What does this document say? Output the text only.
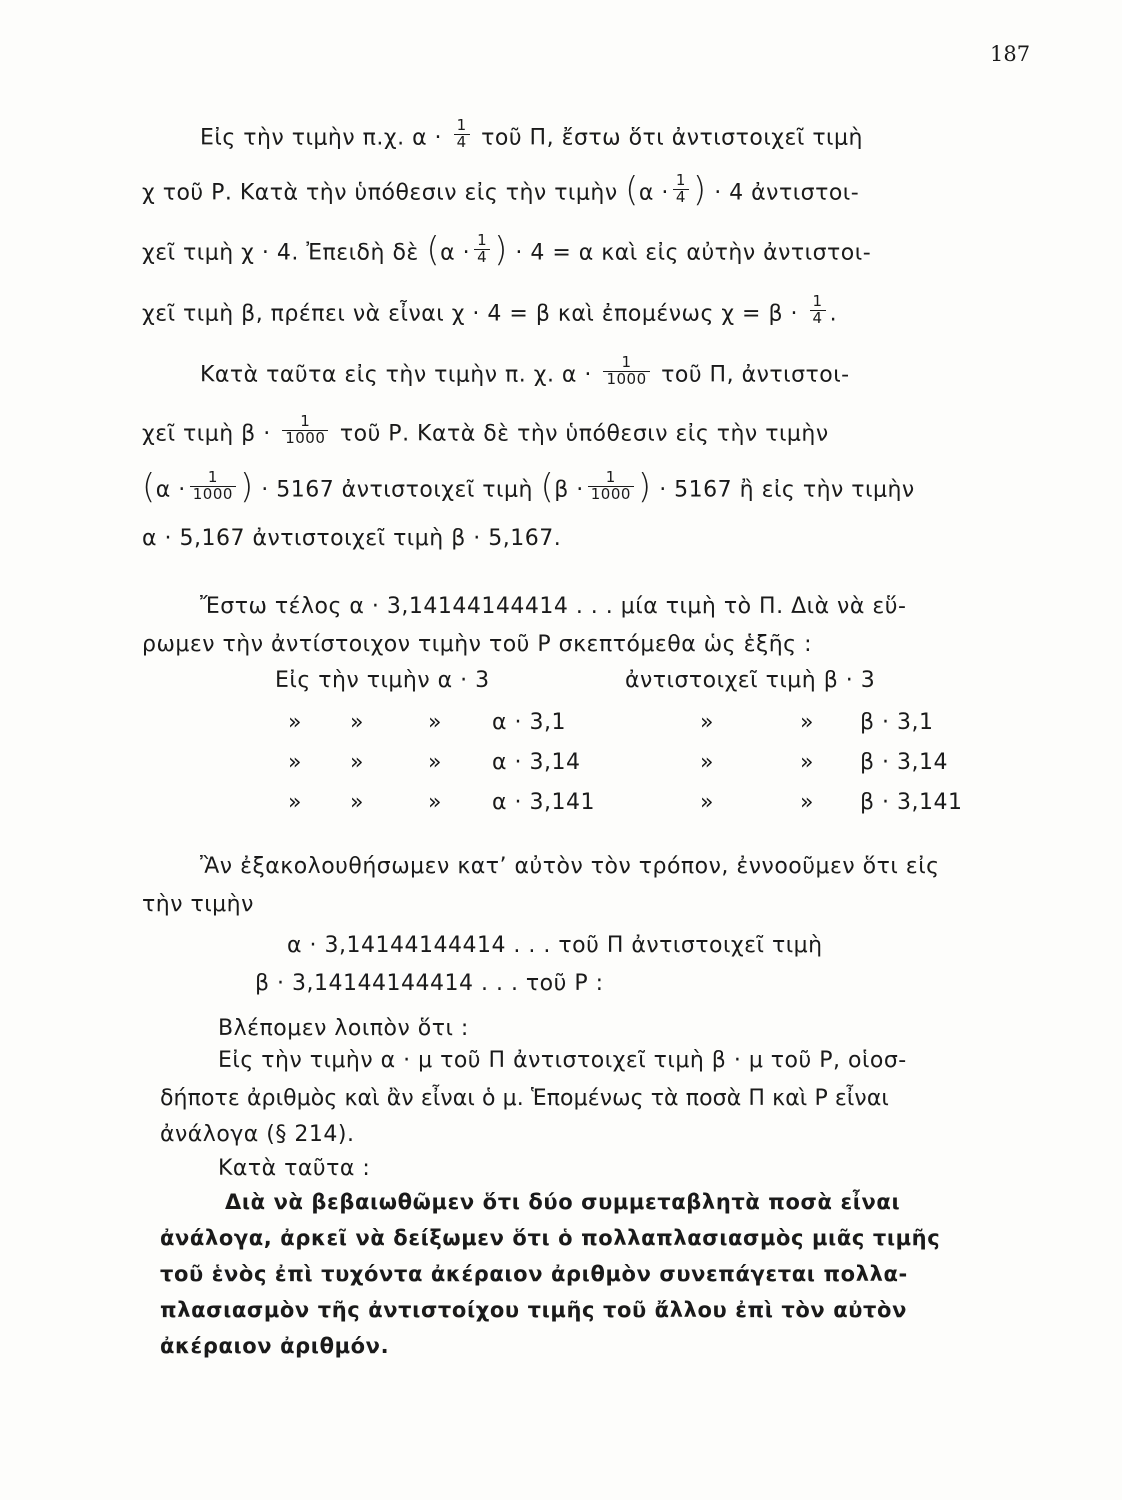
187
Εἰς τὴν τιμὴν π.χ. $\alpha \cdot \frac{1}{4}$ τοῦ Π, ἔστω ὅτι ἀντιστοιχεῖ τιμὴ
χ τοῦ Ρ. Κατὰ τὴν ὑπόθεσιν εἰς τὴν τιμὴν ($\alpha \cdot \frac{1}{4}$ ) · 4 ἀντιστοι-
χεῖ τιμὴ χ · 4. Ἐπειδὴ δὲ ($\alpha \cdot \frac{1}{4}$ ) · 4 = α καὶ εἰς αὐτὴν ἀντιστοι-
χεῖ τιμὴ β, πρέπει νὰ εἶναι χ · 4 = β καὶ ἐπομένως $\chi = \beta \cdot \frac{1}{4}$ .
Κατὰ ταῦτα εἰς τὴν τιμὴν π. χ. $\alpha \cdot \frac{1}{1000}$ τοῦ Π, ἀντιστοι-
χεῖ τιμὴ $\beta \cdot \frac{1}{1000}$ τοῦ Ρ. Κατὰ δὲ τὴν ὑπόθεσιν εἰς τὴν τιμὴν
($\alpha \cdot \frac{1}{1000}$ ) · 5167 ἀντιστοιχεῖ τιμὴ ($\beta \cdot \frac{1}{1000}$ ) · 5167 ἢ εἰς τὴν τιμὴν
α · 5,167 ἀντιστοιχεῖ τιμὴ β · 5,167.
Ἔστω τέλος α · 3,14144144414 . . . μία τιμὴ τὸ Π. Διὰ νὰ εὕ-
ρωμεν τὴν ἀντίστοιχον τιμὴν τοῦ Ρ σκεπτόμεθα ὡς ἑξῆς :
Εἰς τὴν τιμὴν α · 3	ἀντιστοιχεῖ τιμὴ β · 3
» »	» α · 3,1	»	» β · 3,1
» »	» α · 3,14	»	» β · 3,14
» »	» α · 3,141	»	» β · 3,141
Ἂν ἐξακολουθήσωμεν κατ’ αὐτὸν τὸν τρόπον, ἐννοοῦμεν ὅτι εἰς
τὴν τιμὴν
α · 3,14144144414 . . . τοῦ Π ἀντιστοιχεῖ τιμὴ
β · 3,14144144414 . . . τοῦ Ρ :
Βλέπομεν λοιπὸν ὅτι :
Εἰς τὴν τιμὴν α · μ τοῦ Π ἀντιστοιχεῖ τιμὴ β · μ τοῦ Ρ, οἱοσ-
δήποτε ἀριθμὸς καὶ ἂν εἶναι ὁ μ. Ἑπομένως τὰ ποσὰ Π καὶ Ρ εἶναι
ἀνάλογα (§ 214).
Κατὰ ταῦτα :
Διὰ νὰ βεβαιωθῶμεν ὅτι δύο συμμεταβλητὰ ποσὰ εἶναι
ἀνάλογα, ἀρκεῖ νὰ δείξωμεν ὅτι ὁ πολλαπλασιασμὸς μιᾶς τιμῆς
τοῦ ἑνὸς ἐπὶ τυχόντα ἀκέραιον ἀριθμὸν συνεπάγεται πολλα-
πλασιασμὸν τῆς ἀντιστοίχου τιμῆς τοῦ ἄλλου ἐπὶ τὸν αὐτὸν
ἀκέραιον ἀριθμόν.
